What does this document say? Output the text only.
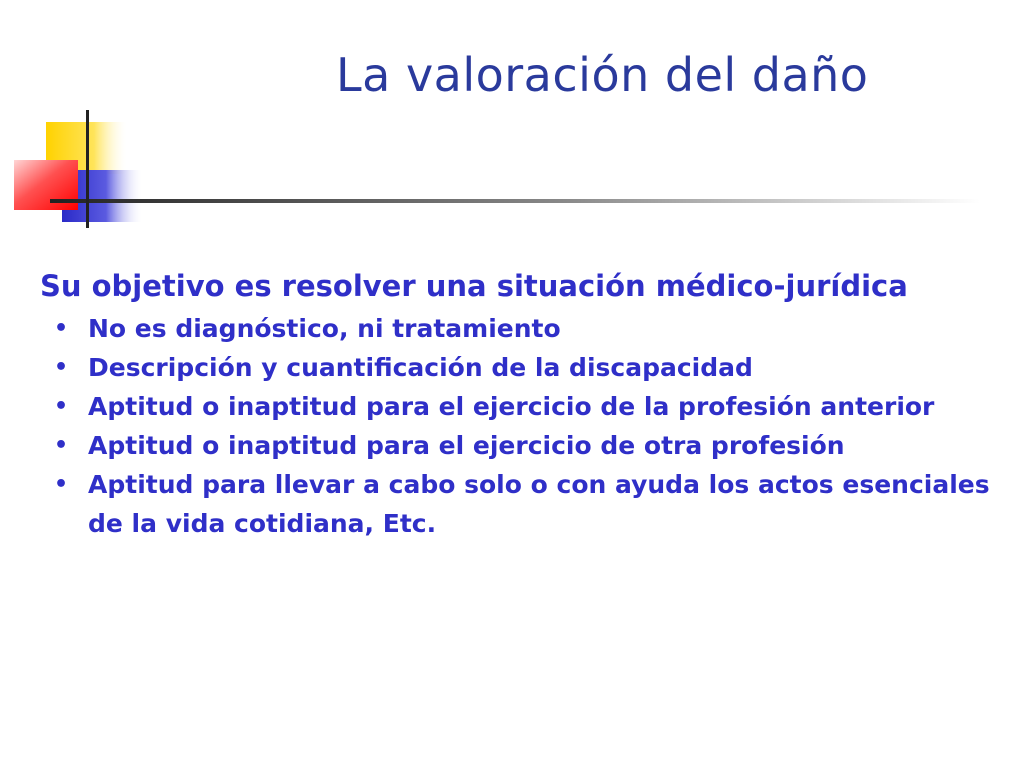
La valoración del daño

Su objetivo es resolver una situación médico-jurídica

• No es diagnóstico, ni tratamiento
• Descripción y cuantificación de la discapacidad
• Aptitud o inaptitud para el ejercicio de la profesión anterior
• Aptitud o inaptitud para el ejercicio de otra profesión
• Aptitud para llevar a cabo solo o con ayuda los actos esenciales de la vida cotidiana, Etc.
